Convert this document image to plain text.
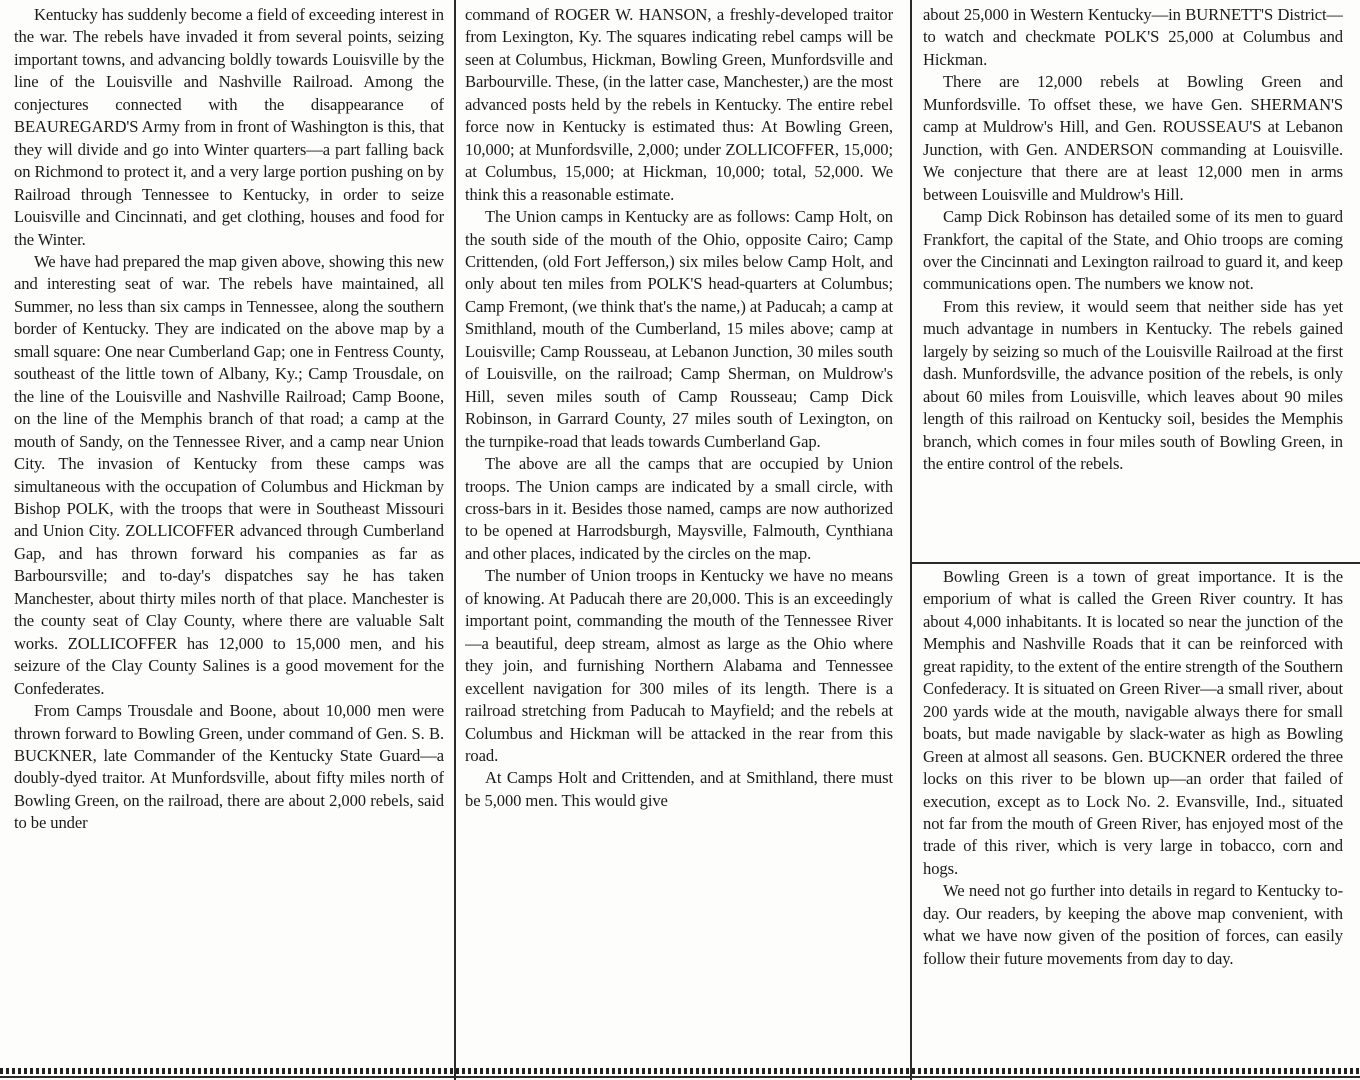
Kentucky has suddenly become a field of exceeding interest in the war. The rebels have invaded it from several points, seizing important towns, and advancing boldly towards Louisville by the line of the Louisville and Nashville Railroad. Among the conjectures connected with the disappearance of BEAUREGARD'S Army from in front of Washington is this, that they will divide and go into Winter quarters—a part falling back on Richmond to protect it, and a very large portion pushing on by Railroad through Tennessee to Kentucky, in order to seize Louisville and Cincinnati, and get clothing, houses and food for the Winter.

We have had prepared the map given above, showing this new and interesting seat of war. The rebels have maintained, all Summer, no less than six camps in Tennessee, along the southern border of Kentucky. They are indicated on the above map by a small square: One near Cumberland Gap; one in Fentress County, southeast of the little town of Albany, Ky.; Camp Trousdale, on the line of the Louisville and Nashville Railroad; Camp Boone, on the line of the Memphis branch of that road; a camp at the mouth of Sandy, on the Tennessee River, and a camp near Union City. The invasion of Kentucky from these camps was simultaneous with the occupation of Columbus and Hickman by Bishop POLK, with the troops that were in Southeast Missouri and Union City. ZOLLICOFFER advanced through Cumberland Gap, and has thrown forward his companies as far as Barboursville; and to-day's dispatches say he has taken Manchester, about thirty miles north of that place. Manchester is the county seat of Clay County, where there are valuable Salt works. ZOLLICOFFER has 12,000 to 15,000 men, and his seizure of the Clay County Salines is a good movement for the Confederates.

From Camps Trousdale and Boone, about 10,000 men were thrown forward to Bowling Green, under command of Gen. S. B. BUCKNER, late Commander of the Kentucky State Guard—a doubly-dyed traitor. At Munfordsville, about fifty miles north of Bowling Green, on the railroad, there are about 2,000 rebels, said to be under

command of ROGER W. HANSON, a freshly-developed traitor from Lexington, Ky. The squares indicating rebel camps will be seen at Columbus, Hickman, Bowling Green, Munfordsville and Barbourville. These, (in the latter case, Manchester,) are the most advanced posts held by the rebels in Kentucky. The entire rebel force now in Kentucky is estimated thus: At Bowling Green, 10,000; at Munfordsville, 2,000; under ZOLLICOFFER, 15,000; at Columbus, 15,000; at Hickman, 10,000; total, 52,000. We think this a reasonable estimate.

The Union camps in Kentucky are as follows: Camp Holt, on the south side of the mouth of the Ohio, opposite Cairo; Camp Crittenden, (old Fort Jefferson,) six miles below Camp Holt, and only about ten miles from POLK'S head-quarters at Columbus; Camp Fremont, (we think that's the name,) at Paducah; a camp at Smithland, mouth of the Cumberland, 15 miles above; camp at Louisville; Camp Rousseau, at Lebanon Junction, 30 miles south of Louisville, on the railroad; Camp Sherman, on Muldrow's Hill, seven miles south of Camp Rousseau; Camp Dick Robinson, in Garrard County, 27 miles south of Lexington, on the turnpike-road that leads towards Cumberland Gap.

The above are all the camps that are occupied by Union troops. The Union camps are indicated by a small circle, with cross-bars in it. Besides those named, camps are now authorized to be opened at Harrodsburgh, Maysville, Falmouth, Cynthiana and other places, indicated by the circles on the map.

The number of Union troops in Kentucky we have no means of knowing. At Paducah there are 20,000. This is an exceedingly important point, commanding the mouth of the Tennessee River—a beautiful, deep stream, almost as large as the Ohio where they join, and furnishing Northern Alabama and Tennessee excellent navigation for 300 miles of its length. There is a railroad stretching from Paducah to Mayfield; and the rebels at Columbus and Hickman will be attacked in the rear from this road.

At Camps Holt and Crittenden, and at Smithland, there must be 5,000 men. This would give

about 25,000 in Western Kentucky—in BURNETT'S District—to watch and checkmate POLK'S 25,000 at Columbus and Hickman.

There are 12,000 rebels at Bowling Green and Munfordsville. To offset these, we have Gen. SHERMAN'S camp at Muldrow's Hill, and Gen. ROUSSEAU'S at Lebanon Junction, with Gen. ANDERSON commanding at Louisville. We conjecture that there are at least 12,000 men in arms between Louisville and Muldrow's Hill.

Camp Dick Robinson has detailed some of its men to guard Frankfort, the capital of the State, and Ohio troops are coming over the Cincinnati and Lexington railroad to guard it, and keep communications open. The numbers we know not.

From this review, it would seem that neither side has yet much advantage in numbers in Kentucky. The rebels gained largely by seizing so much of the Louisville Railroad at the first dash. Munfordsville, the advance position of the rebels, is only about 60 miles from Louisville, which leaves about 90 miles length of this railroad on Kentucky soil, besides the Memphis branch, which comes in four miles south of Bowling Green, in the entire control of the rebels.

Bowling Green is a town of great importance. It is the emporium of what is called the Green River country. It has about 4,000 inhabitants. It is located so near the junction of the Memphis and Nashville Roads that it can be reinforced with great rapidity, to the extent of the entire strength of the Southern Confederacy. It is situated on Green River—a small river, about 200 yards wide at the mouth, navigable always there for small boats, but made navigable by slack-water as high as Bowling Green at almost all seasons. Gen. BUCKNER ordered the three locks on this river to be blown up—an order that failed of execution, except as to Lock No. 2. Evansville, Ind., situated not far from the mouth of Green River, has enjoyed most of the trade of this river, which is very large in tobacco, corn and hogs.

We need not go further into details in regard to Kentucky to-day. Our readers, by keeping the above map convenient, with what we have now given of the position of forces, can easily follow their future movements from day to day.
